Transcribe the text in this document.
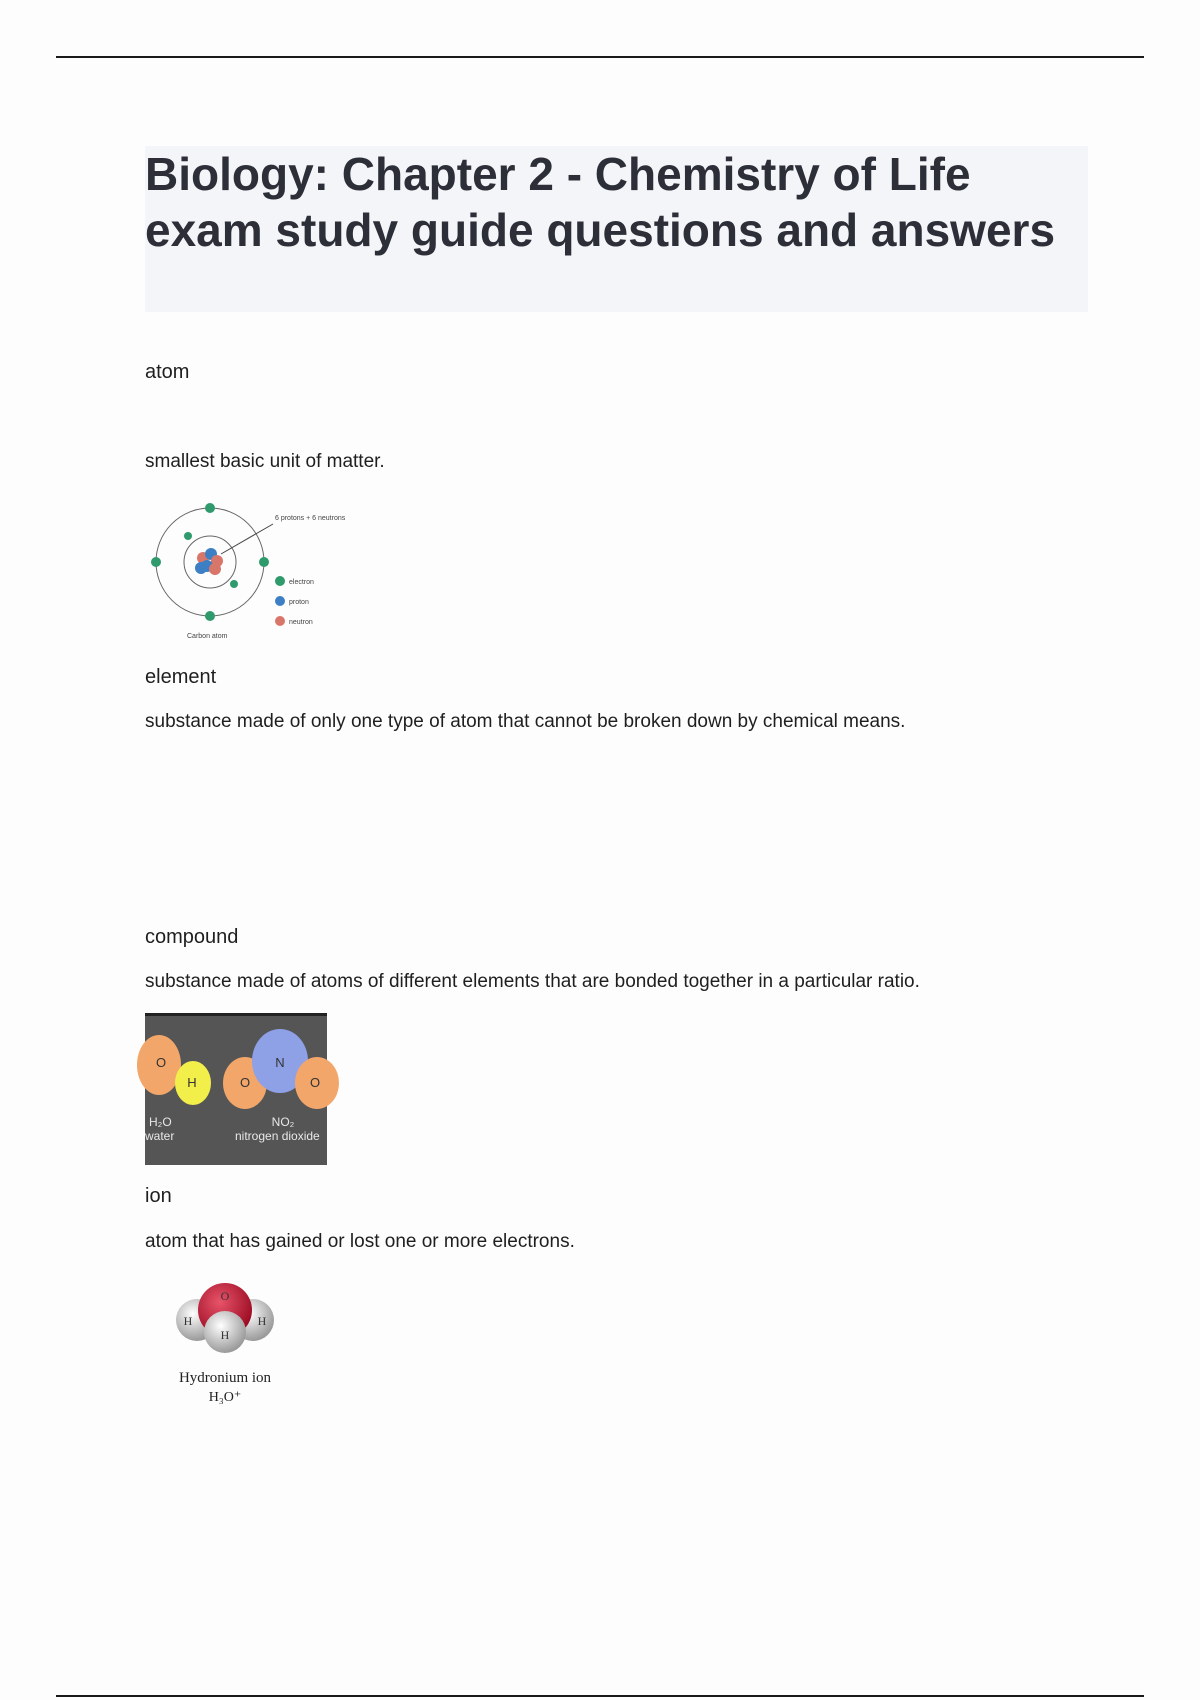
Biology: Chapter 2 - Chemistry of Life exam study guide questions and answers

atom

smallest basic unit of matter.

6 protons + 6 neutrons
electron
proton
neutron
Carbon atom

element

substance made of only one type of atom that cannot be broken down by chemical means.

compound

substance made of atoms of different elements that are bonded together in a particular ratio.

O
H	O
N
O
H₂O
water
NO₂
nitrogen dioxide

ion

atom that has gained or lost one or more electrons.

O
H	H
H
Hydronium ion
H₃O⁺
